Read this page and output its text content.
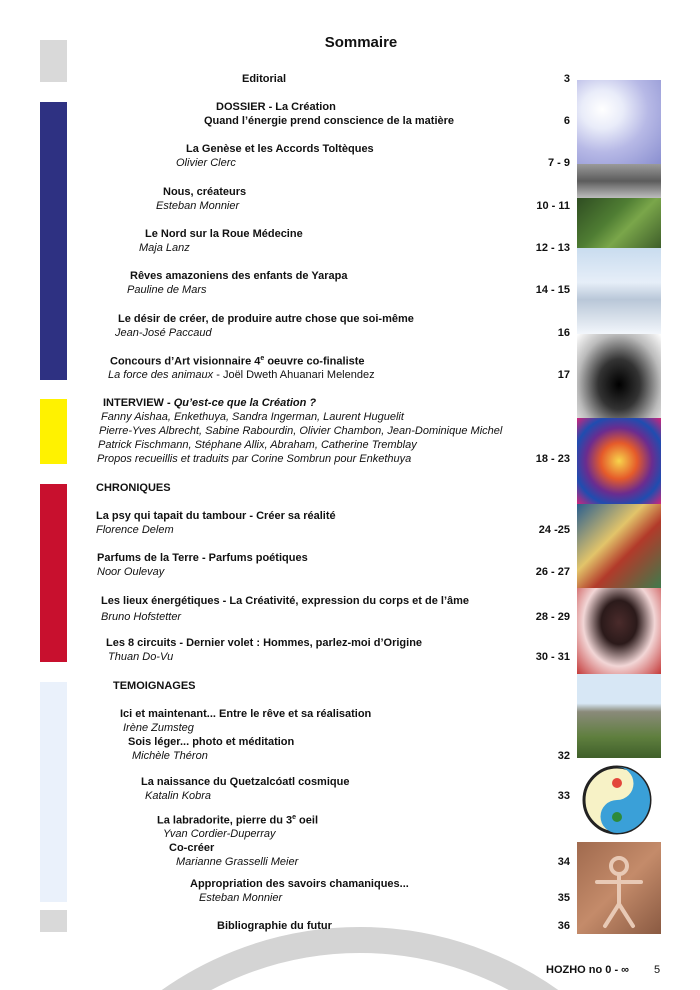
Sommaire
Editorial	3
DOSSIER - La Création
Quand l’énergie prend conscience de la matière	6
La Genèse et les Accords Toltèques
Olivier Clerc	7 - 9
Nous, créateurs
Esteban Monnier	10 - 11
Le Nord sur la Roue Médecine
Maja Lanz	12 - 13
Rêves amazoniens des enfants de Yarapa
Pauline de Mars	14 - 15
Le désir de créer, de produire autre chose que soi-même
Jean-José Paccaud	16
Concours d’Art visionnaire 4e oeuvre co-finaliste
La force des animaux - Joël Dweth Ahuanari Melendez	17
INTERVIEW - Qu’est-ce que la Création ?
Fanny Aishaa, Enkethuya, Sandra Ingerman, Laurent Huguelit
Pierre-Yves Albrecht, Sabine Rabourdin, Olivier Chambon, Jean-Dominique Michel
Patrick Fischmann, Stéphane Allix, Abraham, Catherine Tremblay
Propos recueillis et traduits par Corine Sombrun pour Enkethuya	18 - 23
CHRONIQUES
La psy qui tapait du tambour - Créer sa réalité
Florence Delem	24 -25
Parfums de la Terre - Parfums poétiques
Noor Oulevay	26 - 27
Les lieux énergétiques - La Créativité, expression du corps et de l’âme
Bruno Hofstetter	28 - 29
Les 8 circuits - Dernier volet : Hommes, parlez-moi d’Origine
Thuan Do-Vu	30 - 31
TEMOIGNAGES
Ici et maintenant... Entre le rêve et sa réalisation
Irène Zumsteg
Sois léger... photo et méditation
Michèle Théron	32
La naissance du Quetzalcóatl cosmique
Katalin Kobra	33
La labradorite, pierre du 3e oeil
Yvan Cordier-Duperray
Co-créer
Marianne Grasselli Meier	34
Appropriation des savoirs chamaniques...
Esteban Monnier	35
Bibliographie du futur	36
HOZHO no 0 - ∞ 5
